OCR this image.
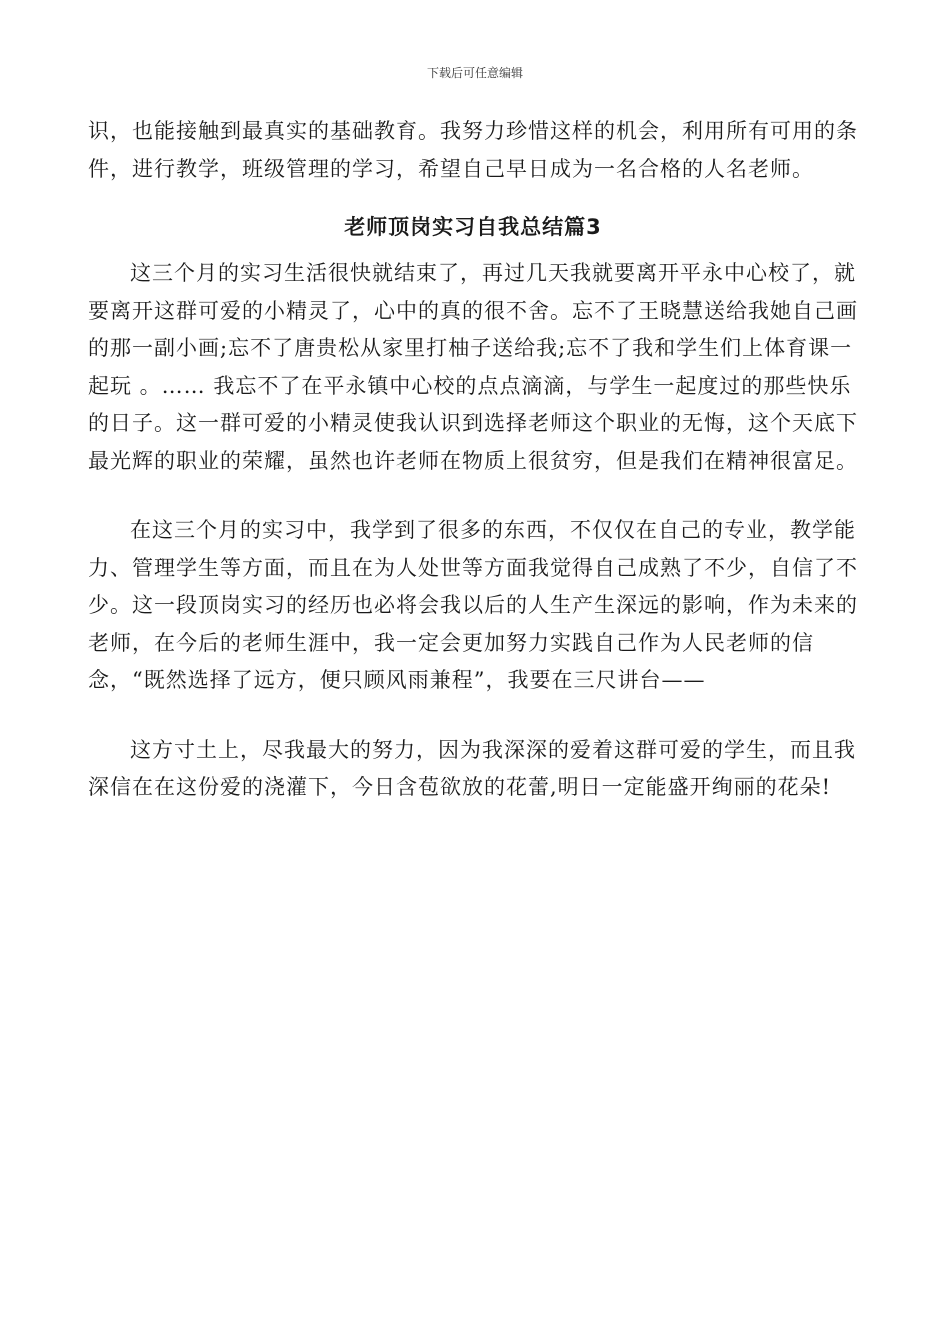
下载后可任意编辑

识，也能接触到最真实的基础教育。我努力珍惜这样的机会，利用所有可用的条件，进行教学，班级管理的学习，希望自己早日成为一名合格的人名老师。

老师顶岗实习自我总结篇3

这三个月的实习生活很快就结束了，再过几天我就要离开平永中心校了，就要离开这群可爱的小精灵了，心中的真的很不舍。忘不了王晓慧送给我她自己画的那一副小画;忘不了唐贵松从家里打柚子送给我;忘不了我和学生们上体育课一起玩 。…… 我忘不了在平永镇中心校的点点滴滴，与学生一起度过的那些快乐的日子。这一群可爱的小精灵使我认识到选择老师这个职业的无悔，这个天底下最光辉的职业的荣耀，虽然也许老师在物质上很贫穷，但是我们在精神很富足。

在这三个月的实习中，我学到了很多的东西，不仅仅在自己的专业，教学能力、管理学生等方面，而且在为人处世等方面我觉得自己成熟了不少，自信了不少。这一段顶岗实习的经历也必将会我以后的人生产生深远的影响，作为未来的老师，在今后的老师生涯中，我一定会更加努力实践自己作为人民老师的信念，“既然选择了远方，便只顾风雨兼程”，我要在三尺讲台——

这方寸土上，尽我最大的努力，因为我深深的爱着这群可爱的学生，而且我深信在在这份爱的浇灌下，今日含苞欲放的花蕾,明日一定能盛开绚丽的花朵!
